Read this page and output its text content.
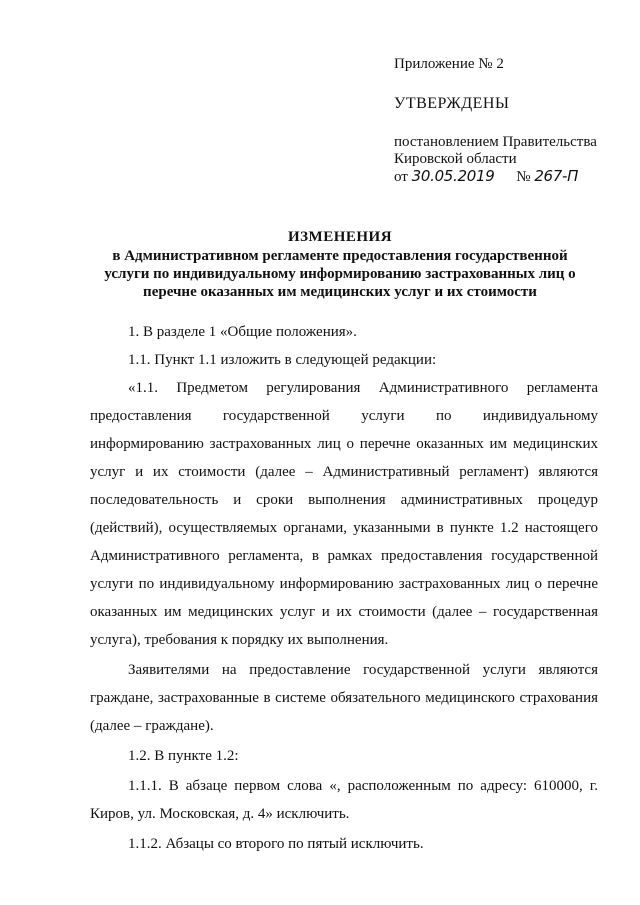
Приложение № 2

УТВЕРЖДЕНЫ

постановлением Правительства

Кировской области

от 30.05.2019 № 267-П

ИЗМЕНЕНИЯ

в Административном регламенте предоставления государственной услуги по индивидуальному информированию застрахованных лиц о перечне оказанных им медицинских услуг и их стоимости

1. В разделе 1 «Общие положения».

1.1. Пункт 1.1 изложить в следующей редакции:

«1.1. Предметом регулирования Административного регламента предоставления государственной услуги по индивидуальному информированию застрахованных лиц о перечне оказанных им медицинских услуг и их стоимости (далее – Административный регламент) являются последовательность и сроки выполнения административных процедур (действий), осуществляемых органами, указанными в пункте 1.2 настоящего Административного регламента, в рамках предоставления государственной услуги по индивидуальному информированию застрахованных лиц о перечне оказанных им медицинских услуг и их стоимости (далее – государственная услуга), требования к порядку их выполнения.

Заявителями на предоставление государственной услуги являются граждане, застрахованные в системе обязательного медицинского страхования (далее – граждане).

1.2. В пункте 1.2:

1.1.1. В абзаце первом слова «, расположенным по адресу: 610000, г. Киров, ул. Московская, д. 4» исключить.

1.1.2. Абзацы со второго по пятый исключить.
